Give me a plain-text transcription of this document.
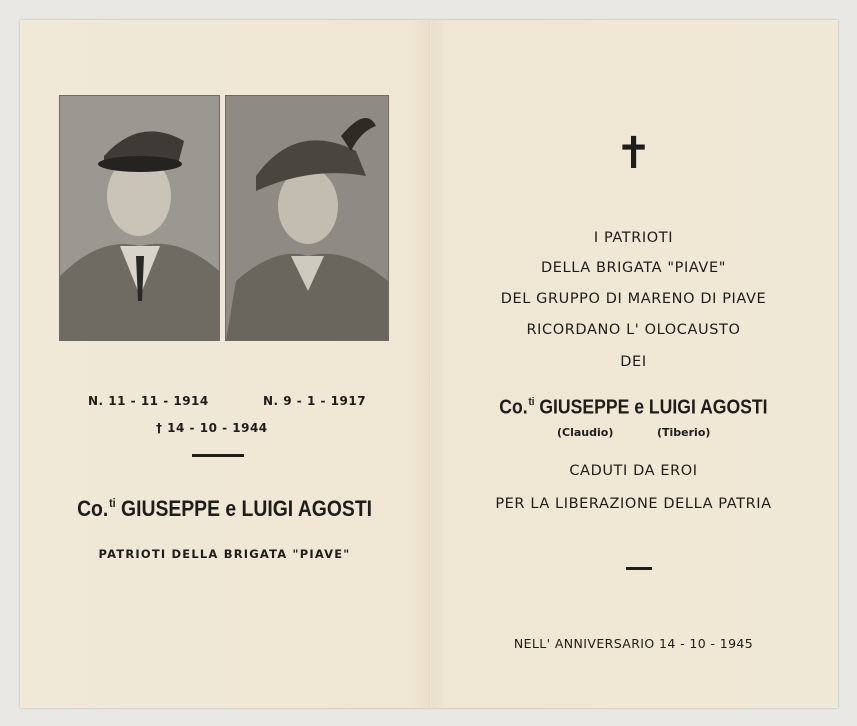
N. 11 - 11 - 1914	N. 9 - 1 - 1917
† 14 - 10 - 1944
Co.$^{ti}$ GIUSEPPE e LUIGI AGOSTI
PATRIOTI DELLA BRIGATA "PIAVE"
✝
I PATRIOTI
DELLA BRIGATA "PIAVE"
DEL GRUPPO DI MARENO DI PIAVE
RICORDANO L' OLOCAUSTO
DEI
Co.$^{ti}$ GIUSEPPE e LUIGI AGOSTI
(Claudio)	(Tiberio)
CADUTI DA EROI
PER LA LIBERAZIONE DELLA PATRIA
NELL' ANNIVERSARIO 14 - 10 - 1945
